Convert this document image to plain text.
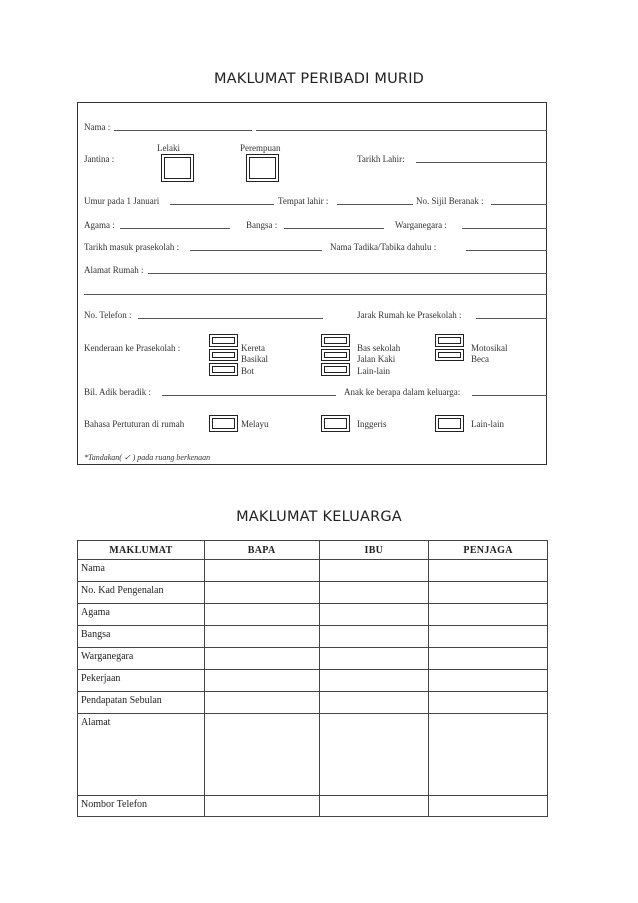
MAKLUMAT PERIBADI MURID
Nama :
Lelaki	Perempuan
Jantina :	Tarikh Lahir:
Umur pada 1 Januari	Tempat lahir :	No. Sijil Beranak :
Agama :	Bangsa :	Warganegara :
Tarikh masuk prasekolah :	Nama Tadika/Tabika dahulu :
Alamat Rumah :
No. Telefon :	Jarak Rumah ke Prasekolah :
Kenderaan ke Prasekolah :	Kereta
Basikal
Bot
Bas sekolah
Jalan Kaki
Lain-lain
Motosikal
Beca
Bil. Adik beradik :	Anak ke berapa dalam keluarga:
Bahasa Pertuturan di rumah	Melayu	Inggeris	Lain-lain
*Tandakan( ✓ ) pada ruang berkenaan
MAKLUMAT KELUARGA
MAKLUMAT	BAPA	IBU	PENJAGA
Nama			
No. Kad Pengenalan			
Agama			
Bangsa			
Warganegara			
Pekerjaan			
Pendapatan Sebulan			
Alamat			
Nombor Telefon			
